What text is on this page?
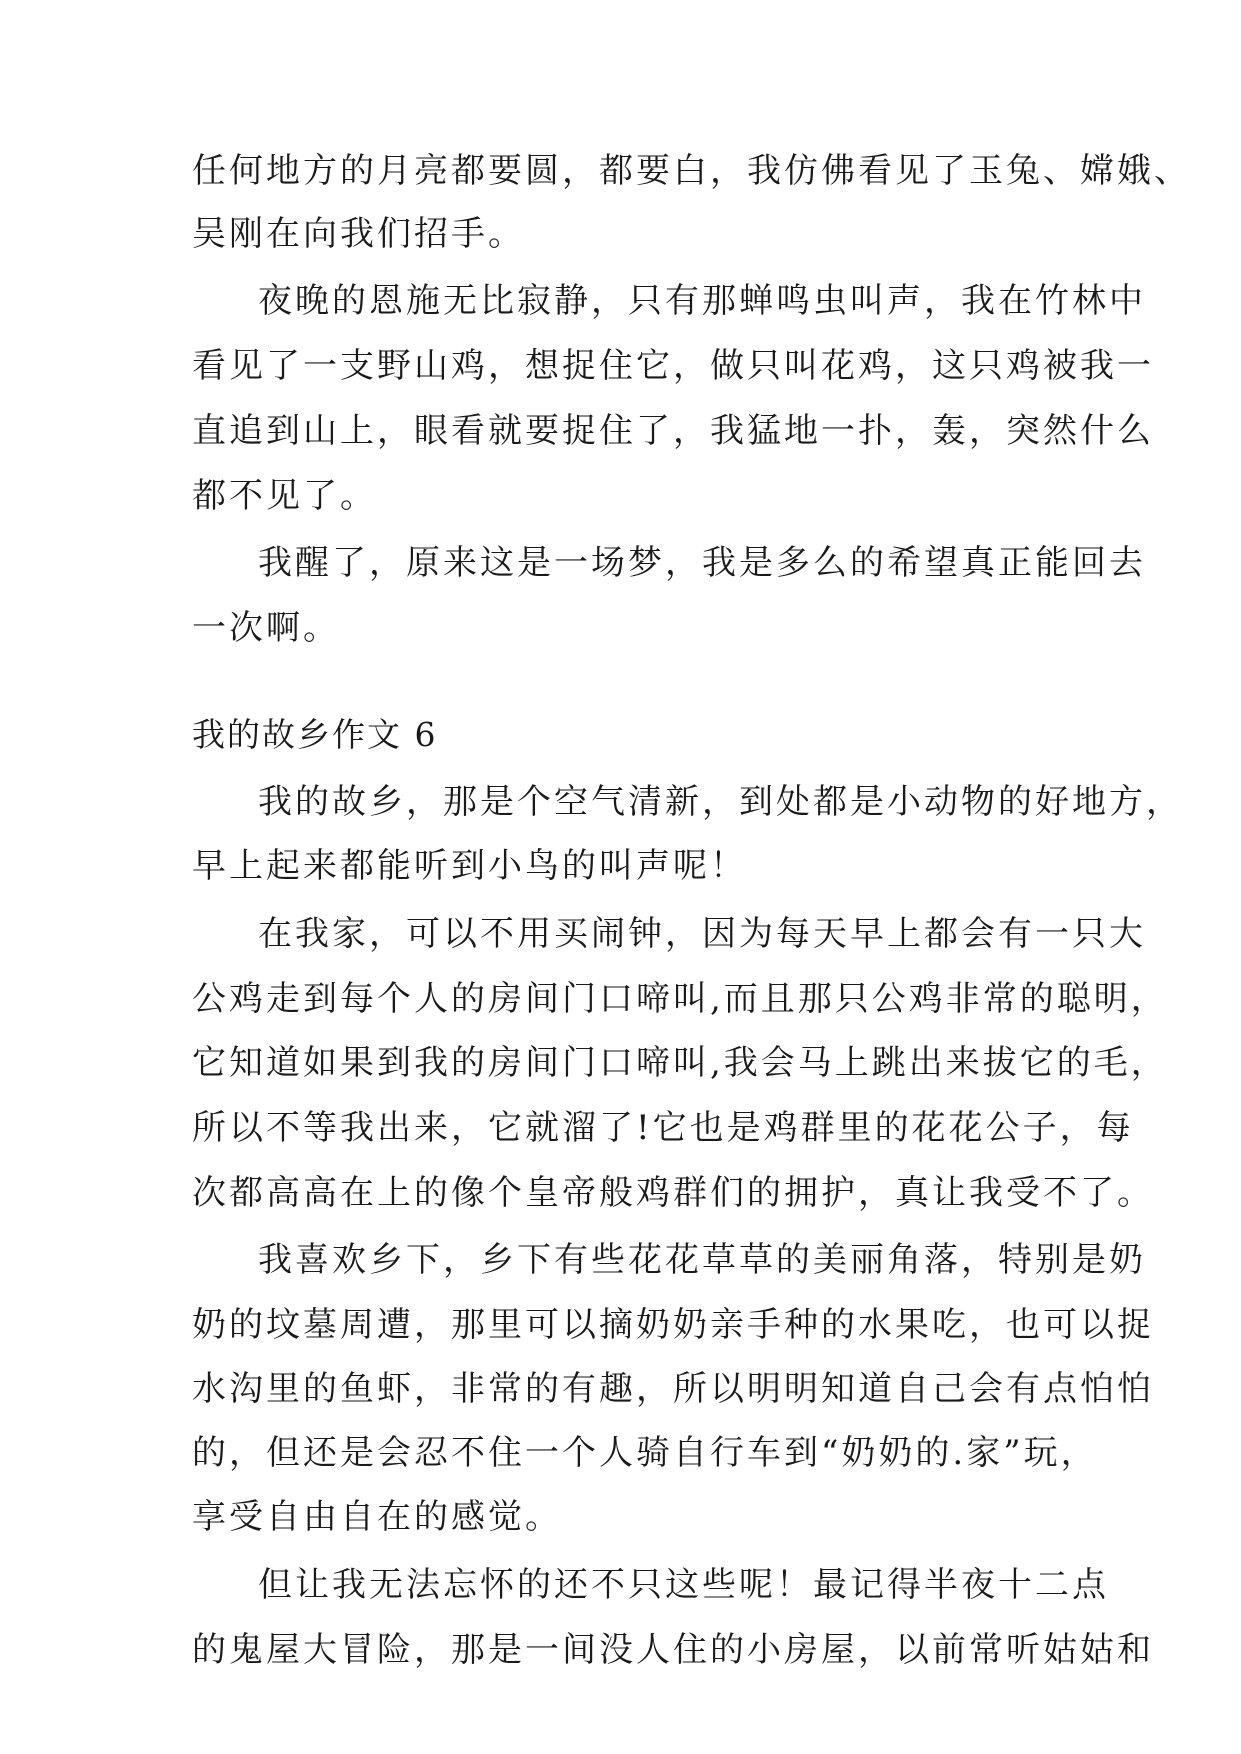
任何地方的月亮都要圆，都要白，我仿佛看见了玉兔、嫦娥、
吴刚在向我们招手。
夜晚的恩施无比寂静，只有那蝉鸣虫叫声，我在竹林中
看见了一支野山鸡，想捉住它，做只叫花鸡，这只鸡被我一
直追到山上，眼看就要捉住了，我猛地一扑，轰，突然什么
都不见了。
我醒了，原来这是一场梦，我是多么的希望真正能回去
一次啊。
我的故乡作文 6
我的故乡，那是个空气清新，到处都是小动物的好地方，
早上起来都能听到小鸟的叫声呢！
在我家，可以不用买闹钟，因为每天早上都会有一只大
公鸡走到每个人的房间门口啼叫,而且那只公鸡非常的聪明，
它知道如果到我的房间门口啼叫,我会马上跳出来拔它的毛，
所以不等我出来，它就溜了!它也是鸡群里的花花公子，每
次都高高在上的像个皇帝般鸡群们的拥护，真让我受不了。
我喜欢乡下，乡下有些花花草草的美丽角落，特别是奶
奶的坟墓周遭，那里可以摘奶奶亲手种的水果吃，也可以捉
水沟里的鱼虾，非常的有趣，所以明明知道自己会有点怕怕
的，但还是会忍不住一个人骑自行车到“奶奶的.家”玩，
享受自由自在的感觉。
但让我无法忘怀的还不只这些呢！最记得半夜十二点
的鬼屋大冒险，那是一间没人住的小房屋，以前常听姑姑和
